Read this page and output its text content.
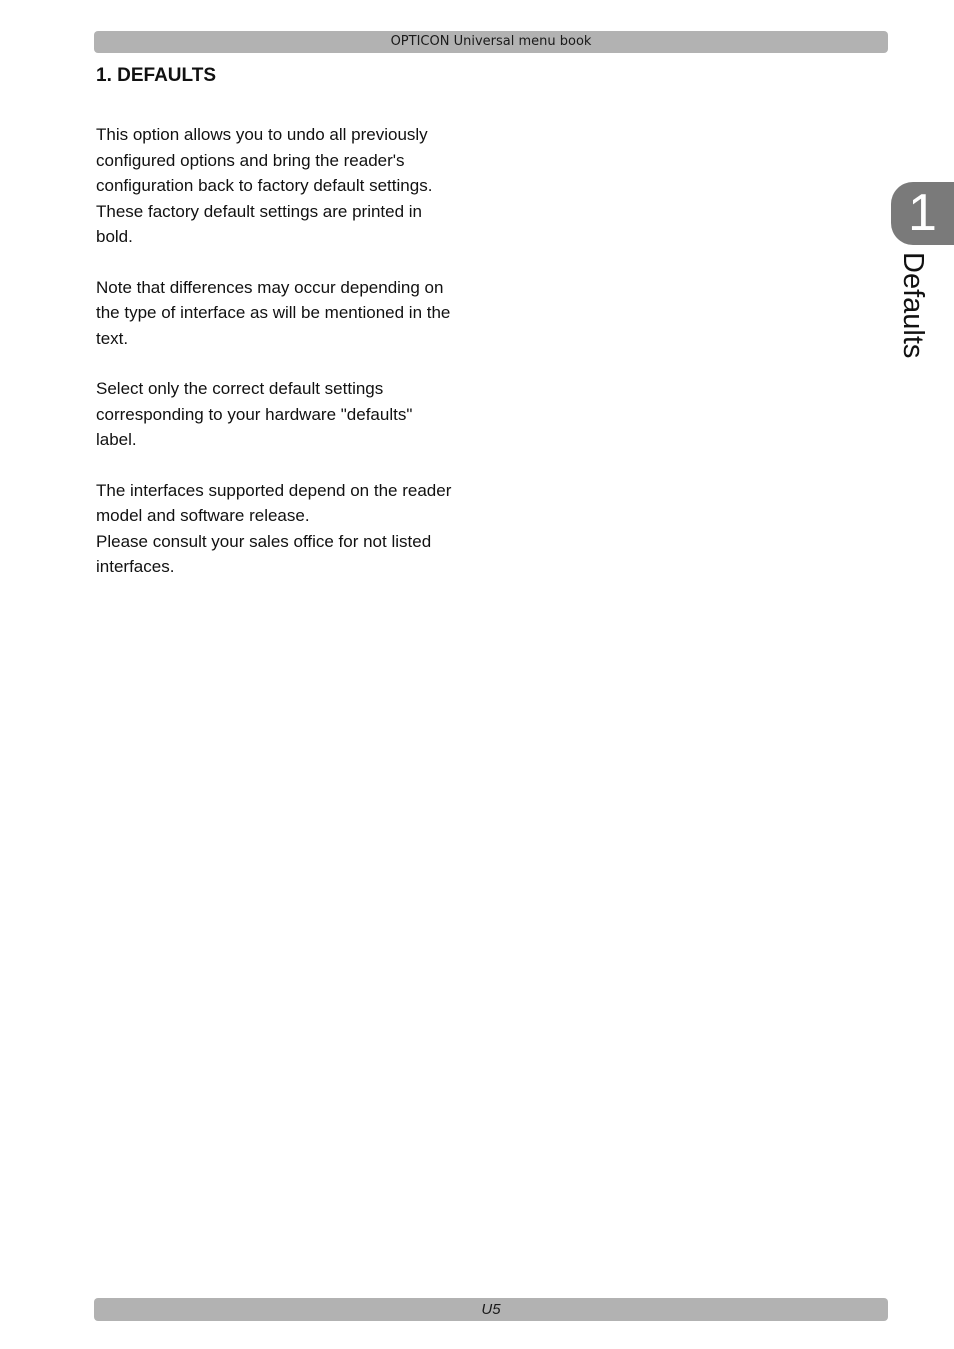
OPTICON Universal menu book
1. DEFAULTS

This option allows you to undo all previously
configured options and bring the reader's
configuration back to factory default settings.
These factory default settings are printed in
bold.

Note that differences may occur depending on
the type of interface as will be mentioned in the
text.

Select only the correct default settings
corresponding to your hardware "defaults"
label.

The interfaces supported depend on the reader
model and software release.
Please consult your sales office for not listed
interfaces.

1
Defaults
U5
